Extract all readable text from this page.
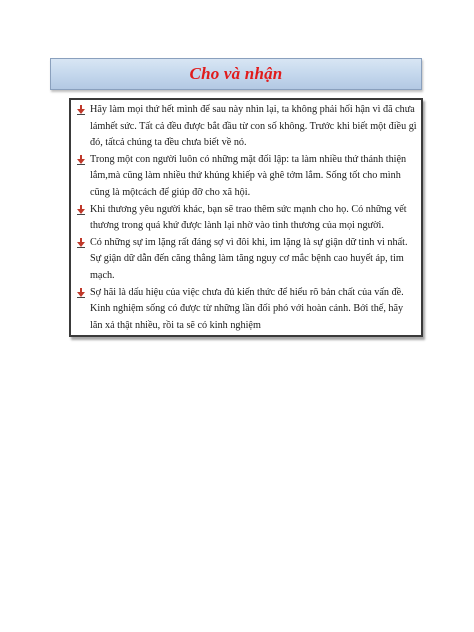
Cho và nhận
Hãy làm mọi thứ hết mình để sau này nhìn lại, ta không phải hối hận vì đã chưa lámhết sức. Tất cả đều được bắt đầu từ con số không. Trước khi biết một điều gì đó, tấtcả chúng ta đều chưa biết về nó.
Trong một con người luôn có những mặt đối lập: ta làm nhiều thứ thánh thiện lắm,mà cũng làm nhiều thứ khủng khiếp và ghê tởm lắm. Sống tốt cho mình cũng là mộtcách để giúp đỡ cho xã hội.
Khi thương yêu người khác, bạn sẽ trao thêm sức mạnh cho họ. Có những vết thương trong quá khứ được lành lại nhờ vào tình thương của mọi người.
Có những sự im lặng rất đáng sợ vì đôi khi, im lặng là sự giận dữ tinh vi nhất. Sự giận dữ dẫn đến căng thẳng làm tăng nguy cơ mắc bệnh cao huyết áp, tim mạch.
Sợ hãi là dấu hiệu của việc chưa đủ kiến thức để hiểu rõ bản chất của vấn đề. Kinh nghiệm sống có được từ những lần đối phó với hoàn cảnh. Bởi thế, hãy lăn xả thật nhiều, rồi ta sẽ có kinh nghiệm
